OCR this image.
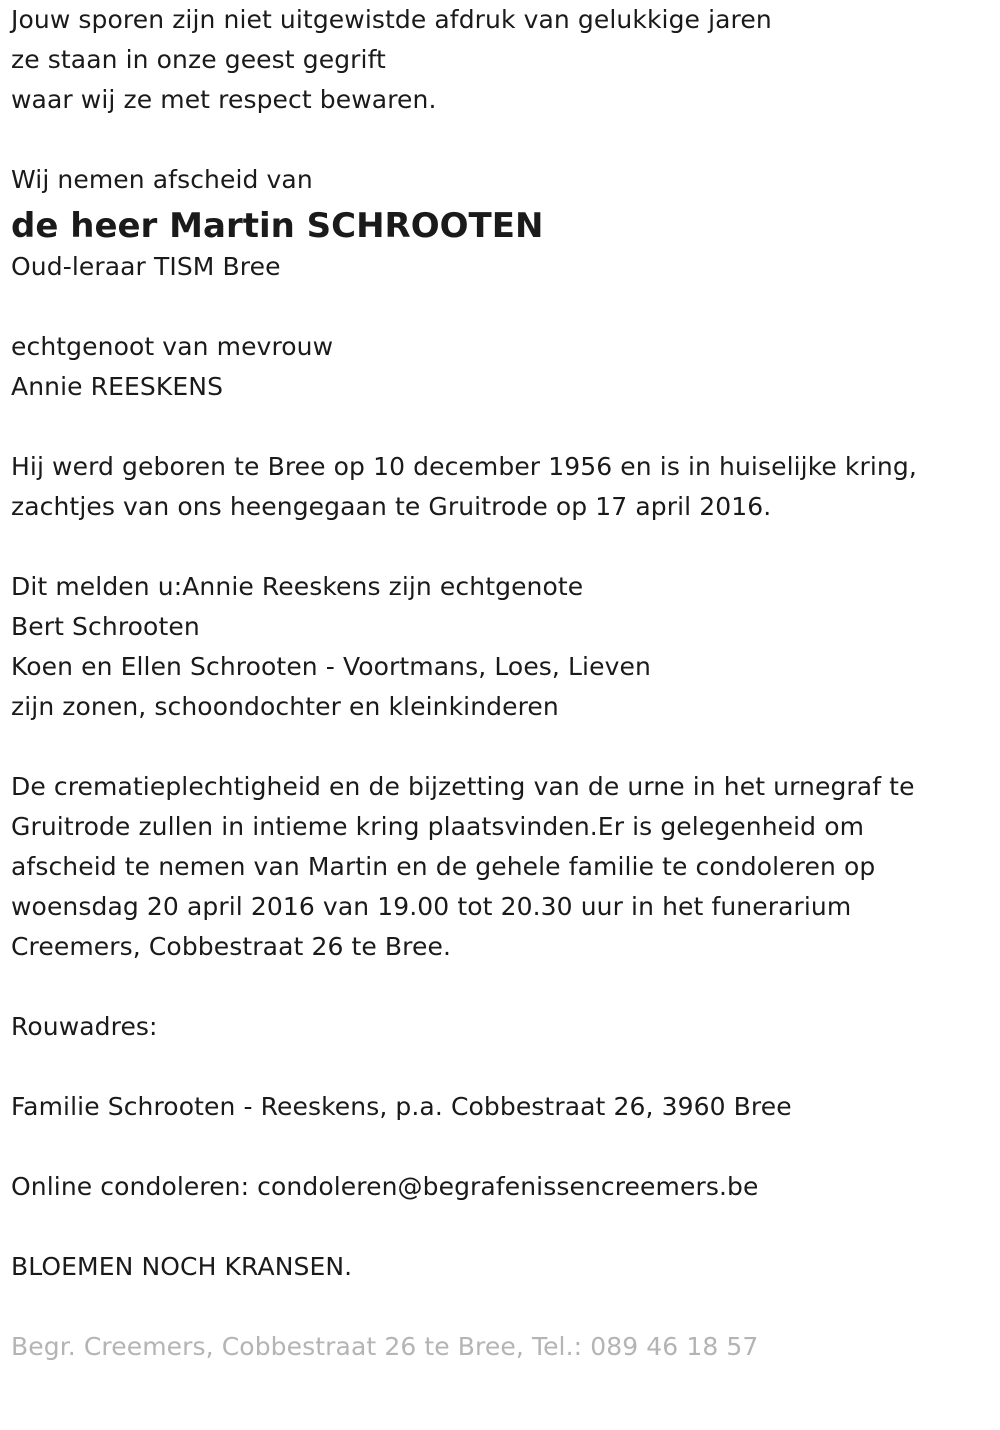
Jouw sporen zijn niet uitgewistde afdruk van gelukkige jaren
ze staan in onze geest gegrift
waar wij ze met respect bewaren.
Wij nemen afscheid van
de heer Martin SCHROOTEN
Oud-leraar TISM Bree
echtgenoot van mevrouw
Annie REESKENS
Hij werd geboren te Bree op 10 december 1956 en is in huiselijke kring,
zachtjes van ons heengegaan te Gruitrode op 17 april 2016.
Dit melden u:Annie Reeskens zijn echtgenote
Bert Schrooten
Koen en Ellen Schrooten - Voortmans, Loes, Lieven
zijn zonen, schoondochter en kleinkinderen
De crematieplechtigheid en de bijzetting van de urne in het urnegraf te
Gruitrode zullen in intieme kring plaatsvinden.Er is gelegenheid om
afscheid te nemen van Martin en de gehele familie te condoleren op
woensdag 20 april 2016 van 19.00 tot 20.30 uur in het funerarium
Creemers, Cobbestraat 26 te Bree.
Rouwadres:
Familie Schrooten - Reeskens, p.a. Cobbestraat 26, 3960 Bree
Online condoleren: condoleren@begrafenissencreemers.be
BLOEMEN NOCH KRANSEN.
Begr. Creemers, Cobbestraat 26 te Bree, Tel.: 089 46 18 57
